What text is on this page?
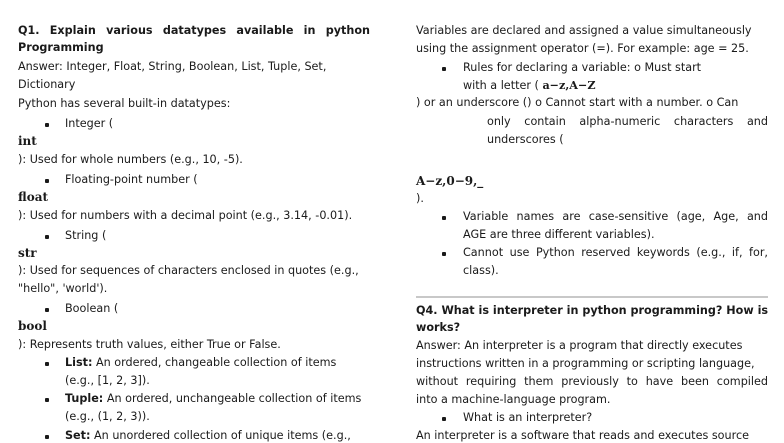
Q1. Explain various datatypes available in python
Programming
Answer: Integer, Float, String, Boolean, List, Tuple, Set,
Dictionary
Python has several built-in datatypes:
Integer (
int
): Used for whole numbers (e.g., 10, -5).
Floating-point number (
float
): Used for numbers with a decimal point (e.g., 3.14, -0.01).
String (
str
): Used for sequences of characters enclosed in quotes (e.g.,
"hello", 'world').
Boolean (
bool
): Represents truth values, either True or False.
List: An ordered, changeable collection of items
(e.g., [1, 2, 3]).
Tuple: An ordered, unchangeable collection of items
(e.g., (1, 2, 3)).
Set: An unordered collection of unique items (e.g.,
Variables are declared and assigned a value simultaneously
using the assignment operator (=). For example: age = 25.
Rules for declaring a variable: o Must start
with a letter ( a−z,A−Z
) or an underscore () o Cannot start with a number. o Can
only contain alpha-numeric characters and
underscores (
A−z,0−9,_
).
Variable names are case-sensitive (age, Age, and
AGE are three different variables).
Cannot use Python reserved keywords (e.g., if, for,
class).
Q4. What is interpreter in python programming? How is
works?
Answer: An interpreter is a program that directly executes
instructions written in a programming or scripting language,
without requiring them previously to have been compiled
into a machine-language program.
What is an interpreter?
An interpreter is a software that reads and executes source
